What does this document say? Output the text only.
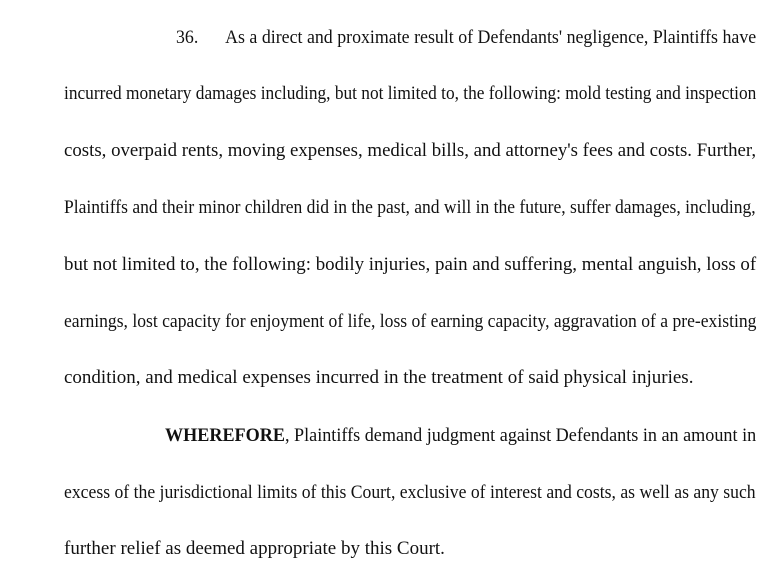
36. As a direct and proximate result of Defendants' negligence, Plaintiffs have
incurred monetary damages including, but not limited to, the following: mold testing and inspection
costs, overpaid rents, moving expenses, medical bills, and attorney's fees and costs. Further,
Plaintiffs and their minor children did in the past, and will in the future, suffer damages, including,
but not limited to, the following: bodily injuries, pain and suffering, mental anguish, loss of
earnings, lost capacity for enjoyment of life, loss of earning capacity, aggravation of a pre-existing
condition, and medical expenses incurred in the treatment of said physical injuries.
WHEREFORE, Plaintiffs demand judgment against Defendants in an amount in
excess of the jurisdictional limits of this Court, exclusive of interest and costs, as well as any such
further relief as deemed appropriate by this Court.
